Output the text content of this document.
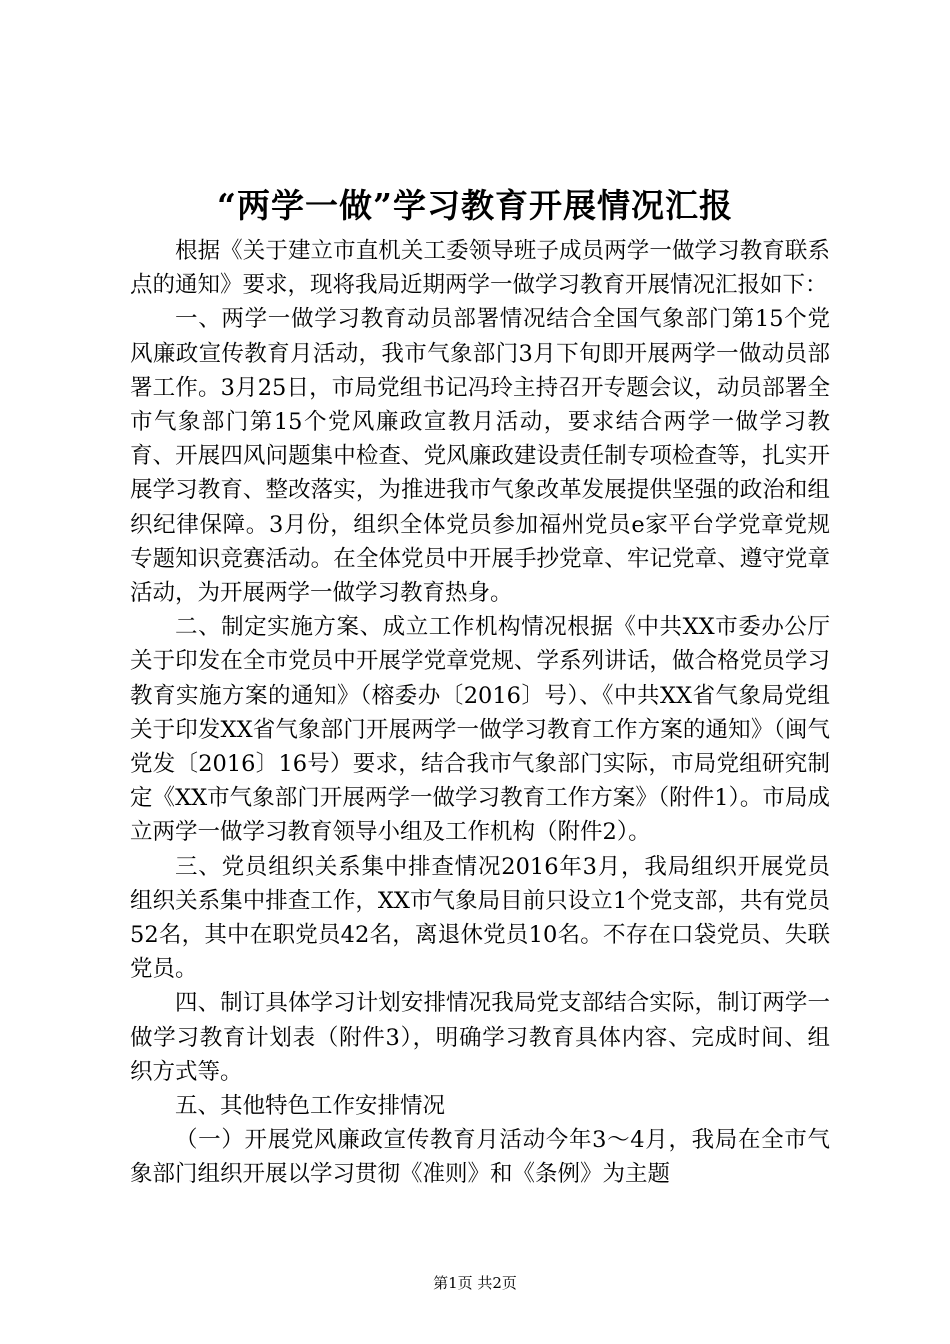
“两学一做”学习教育开展情况汇报

根据《关于建立市直机关工委领导班子成员两学一做学习教育联系点的通知》要求，现将我局近期两学一做学习教育开展情况汇报如下：

一、两学一做学习教育动员部署情况结合全国气象部门第15个党风廉政宣传教育月活动，我市气象部门3月下旬即开展两学一做动员部署工作。3月25日，市局党组书记冯玲主持召开专题会议，动员部署全市气象部门第15个党风廉政宣教月活动，要求结合两学一做学习教育、开展四风问题集中检查、党风廉政建设责任制专项检查等，扎实开展学习教育、整改落实，为推进我市气象改革发展提供坚强的政治和组织纪律保障。3月份，组织全体党员参加福州党员e家平台学党章党规专题知识竞赛活动。在全体党员中开展手抄党章、牢记党章、遵守党章活动，为开展两学一做学习教育热身。

二、制定实施方案、成立工作机构情况根据《中共XX市委办公厅关于印发在全市党员中开展学党章党规、学系列讲话，做合格党员学习教育实施方案的通知》（榕委办〔2016〕号）、《中共XX省气象局党组关于印发XX省气象部门开展两学一做学习教育工作方案的通知》（闽气党发〔2016〕16号）要求，结合我市气象部门实际，市局党组研究制定《XX市气象部门开展两学一做学习教育工作方案》（附件1）。市局成立两学一做学习教育领导小组及工作机构（附件2）。

三、党员组织关系集中排查情况2016年3月，我局组织开展党员组织关系集中排查工作，XX市气象局目前只设立1个党支部，共有党员52名，其中在职党员42名，离退休党员10名。不存在口袋党员、失联党员。

四、制订具体学习计划安排情况我局党支部结合实际，制订两学一做学习教育计划表（附件3），明确学习教育具体内容、完成时间、组织方式等。

五、其他特色工作安排情况

（一）开展党风廉政宣传教育月活动今年3～4月，我局在全市气象部门组织开展以学习贯彻《准则》和《条例》为主题

第1页 共2页
